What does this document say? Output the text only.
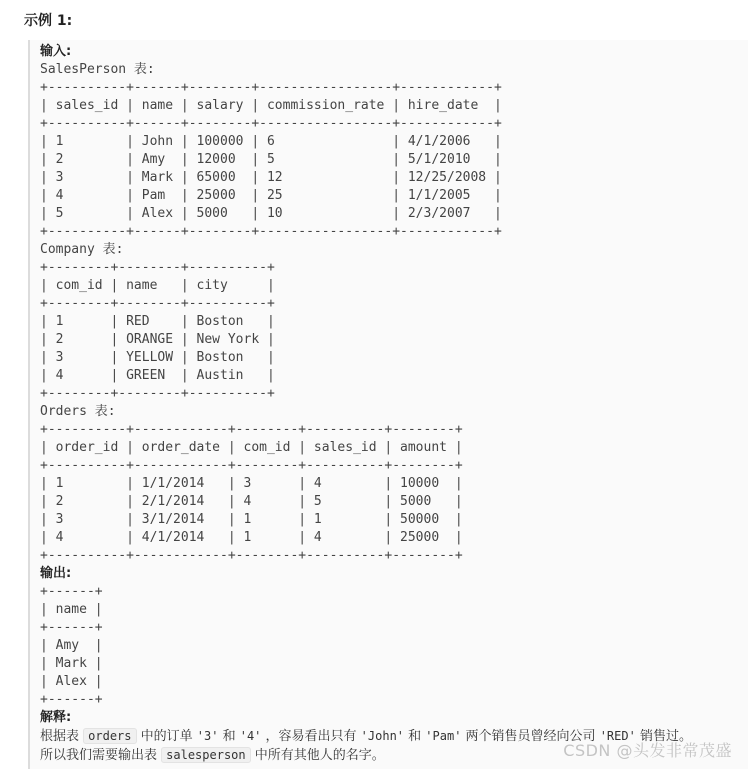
示例 1:
输入:
SalesPerson 表:
+----------+------+--------+-----------------+------------+
| sales_id | name | salary | commission_rate | hire_date  |
+----------+------+--------+-----------------+------------+
| 1        | John | 100000 | 6               | 4/1/2006   |
| 2        | Amy  | 12000  | 5               | 5/1/2010   |
| 3        | Mark | 65000  | 12              | 12/25/2008 |
| 4        | Pam  | 25000  | 25              | 1/1/2005   |
| 5        | Alex | 5000   | 10              | 2/3/2007   |
+----------+------+--------+-----------------+------------+
Company 表:
+--------+--------+----------+
| com_id | name   | city     |
+--------+--------+----------+
| 1      | RED    | Boston   |
| 2      | ORANGE | New York |
| 3      | YELLOW | Boston   |
| 4      | GREEN  | Austin   |
+--------+--------+----------+
Orders 表:
+----------+------------+--------+----------+--------+
| order_id | order_date | com_id | sales_id | amount |
+----------+------------+--------+----------+--------+
| 1        | 1/1/2014   | 3      | 4        | 10000  |
| 2        | 2/1/2014   | 4      | 5        | 5000   |
| 3        | 3/1/2014   | 1      | 1        | 50000  |
| 4        | 4/1/2014   | 1      | 4        | 25000  |
+----------+------------+--------+----------+--------+
输出:
+------+
| name |
+------+
| Amy  |
| Mark |
| Alex |
+------+
解释:
根据表 orders 中的订单 '3' 和 '4' ，容易看出只有 'John' 和 'Pam' 两个销售员曾经向公司 'RED' 销售过。
所以我们需要输出表 salesperson 中所有其他人的名字。	CSDN @头发非常茂盛
